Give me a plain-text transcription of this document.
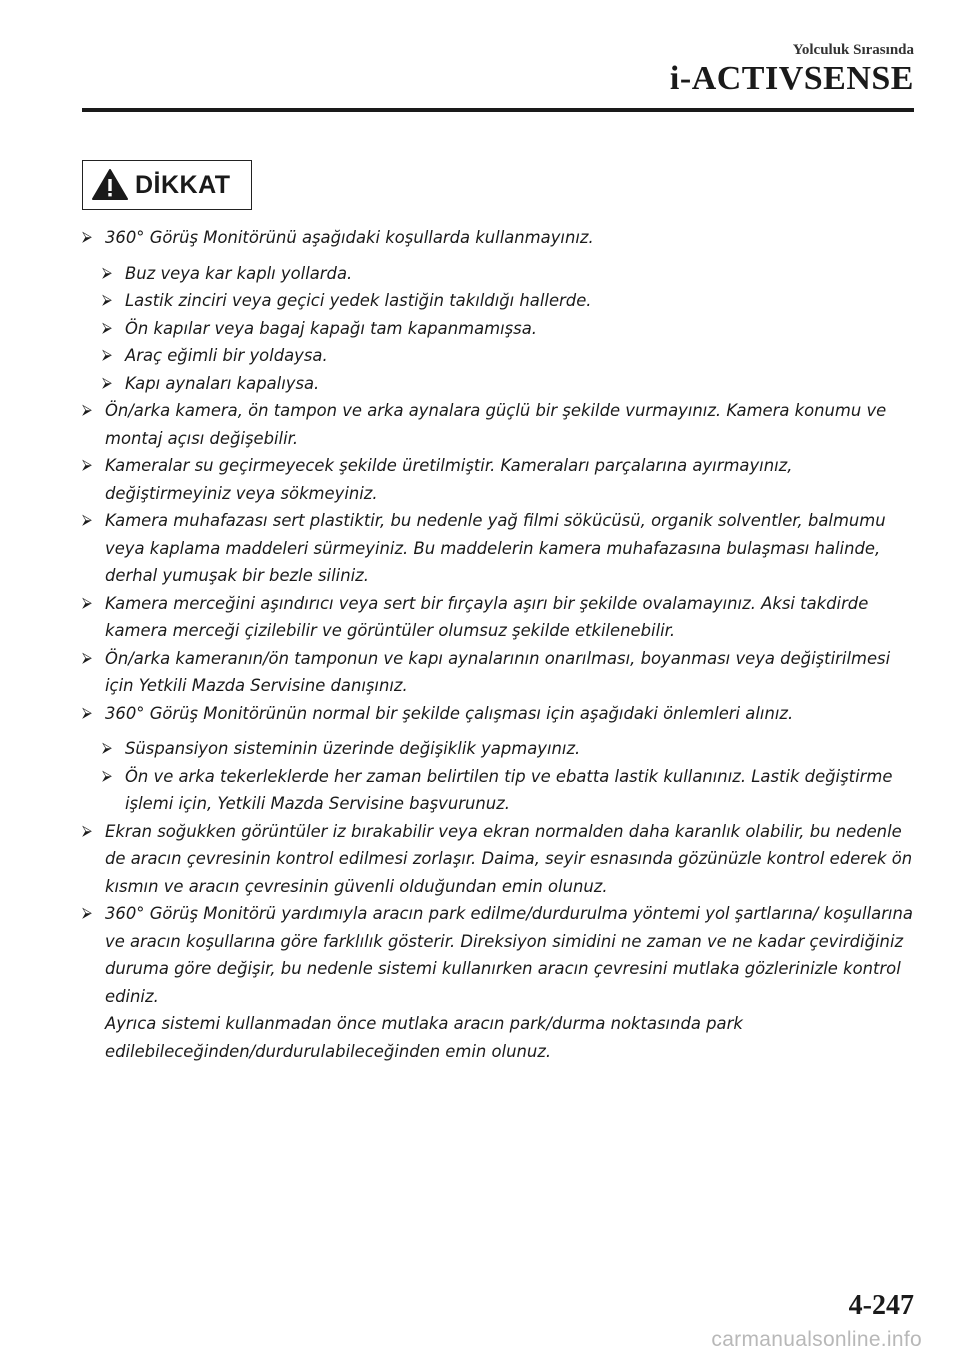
Yolculuk Sırasında
i-ACTIVSENSE
DİKKAT
⮚ 360° Görüş Monitörünü aşağıdaki koşullarda kullanmayınız.

⮚ Buz veya kar kaplı yollarda.

⮚ Lastik zinciri veya geçici yedek lastiğin takıldığı hallerde.

⮚ Ön kapılar veya bagaj kapağı tam kapanmamışsa.

⮚ Araç eğimli bir yoldaysa.

⮚ Kapı aynaları kapalıysa.

⮚ Ön/arka kamera, ön tampon ve arka aynalara güçlü bir şekilde vurmayınız. Kamera konumu ve montaj açısı değişebilir.

⮚ Kameralar su geçirmeyecek şekilde üretilmiştir. Kameraları parçalarına ayırmayınız, değiştirmeyiniz veya sökmeyiniz.

⮚ Kamera muhafazası sert plastiktir, bu nedenle yağ filmi sökücüsü, organik solventler, balmumu veya kaplama maddeleri sürmeyiniz. Bu maddelerin kamera muhafazasına bulaşması halinde, derhal yumuşak bir bezle siliniz.

⮚ Kamera merceğini aşındırıcı veya sert bir fırçayla aşırı bir şekilde ovalamayınız. Aksi takdirde kamera merceği çizilebilir ve görüntüler olumsuz şekilde etkilenebilir.

⮚ Ön/arka kameranın/ön tamponun ve kapı aynalarının onarılması, boyanması veya değiştirilmesi için Yetkili Mazda Servisine danışınız.

⮚ 360° Görüş Monitörünün normal bir şekilde çalışması için aşağıdaki önlemleri alınız.

⮚ Süspansiyon sisteminin üzerinde değişiklik yapmayınız.

⮚ Ön ve arka tekerleklerde her zaman belirtilen tip ve ebatta lastik kullanınız. Lastik değiştirme işlemi için, Yetkili Mazda Servisine başvurunuz.

⮚ Ekran soğukken görüntüler iz bırakabilir veya ekran normalden daha karanlık olabilir, bu nedenle de aracın çevresinin kontrol edilmesi zorlaşır. Daima, seyir esnasında gözünüzle kontrol ederek ön kısmın ve aracın çevresinin güvenli olduğundan emin olunuz.

⮚ 360° Görüş Monitörü yardımıyla aracın park edilme/durdurulma yöntemi yol şartlarına/ koşullarına ve aracın koşullarına göre farklılık gösterir. Direksiyon simidini ne zaman ve ne kadar çevirdiğiniz duruma göre değişir, bu nedenle sistemi kullanırken aracın çevresini mutlaka gözlerinizle kontrol ediniz.

Ayrıca sistemi kullanmadan önce mutlaka aracın park/durma noktasında park edilebileceğinden/durdurulabileceğinden emin olunuz.

4-247
carmanualsonline.info
